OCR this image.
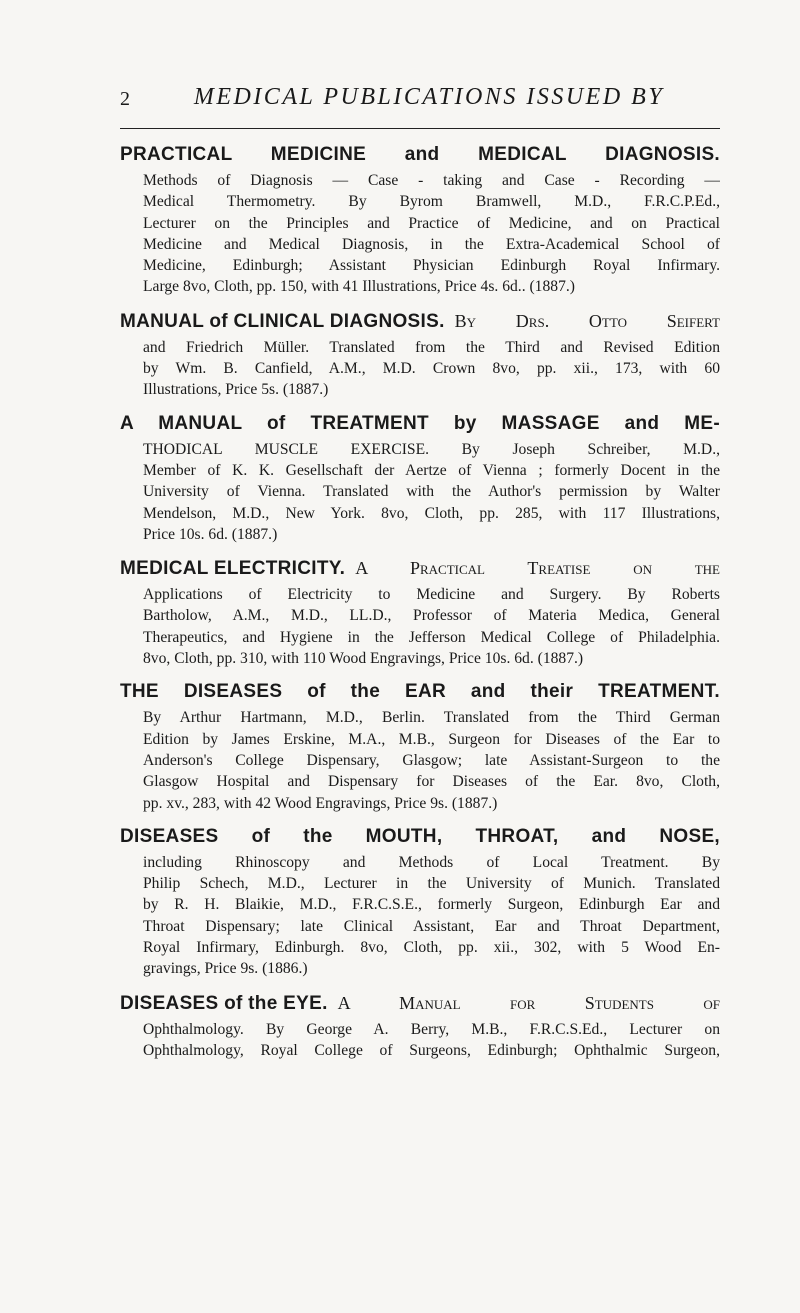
2	MEDICAL PUBLICATIONS ISSUED BY
PRACTICAL MEDICINE and MEDICAL DIAGNOSIS.
Methods of Diagnosis — Case - taking and Case - Recording —
Medical Thermometry. By Byrom Bramwell, M.D., F.R.C.P.Ed.,
Lecturer on the Principles and Practice of Medicine, and on Practical
Medicine and Medical Diagnosis, in the Extra-Academical School of
Medicine, Edinburgh; Assistant Physician Edinburgh Royal Infirmary.
Large 8vo, Cloth, pp. 150, with 41 Illustrations, Price 4s. 6d.. (1887.)
MANUAL of CLINICAL DIAGNOSIS. By Drs. Otto Seifert
and Friedrich Müller. Translated from the Third and Revised Edition
by Wm. B. Canfield, A.M., M.D. Crown 8vo, pp. xii., 173, with 60
Illustrations, Price 5s. (1887.)
A MANUAL of TREATMENT by MASSAGE and ME-
THODICAL MUSCLE EXERCISE. By Joseph Schreiber, M.D.,
Member of K. K. Gesellschaft der Aertze of Vienna ; formerly Docent in the
University of Vienna. Translated with the Author's permission by Walter
Mendelson, M.D., New York. 8vo, Cloth, pp. 285, with 117 Illustrations,
Price 10s. 6d. (1887.)
MEDICAL ELECTRICITY. A Practical Treatise on the
Applications of Electricity to Medicine and Surgery. By Roberts
Bartholow, A.M., M.D., LL.D., Professor of Materia Medica, General
Therapeutics, and Hygiene in the Jefferson Medical College of Philadelphia.
8vo, Cloth, pp. 310, with 110 Wood Engravings, Price 10s. 6d. (1887.)
THE DISEASES of the EAR and their TREATMENT.
By Arthur Hartmann, M.D., Berlin. Translated from the Third German
Edition by James Erskine, M.A., M.B., Surgeon for Diseases of the Ear to
Anderson's College Dispensary, Glasgow; late Assistant-Surgeon to the
Glasgow Hospital and Dispensary for Diseases of the Ear. 8vo, Cloth,
pp. xv., 283, with 42 Wood Engravings, Price 9s. (1887.)
DISEASES of the MOUTH, THROAT, and NOSE,
including Rhinoscopy and Methods of Local Treatment. By
Philip Schech, M.D., Lecturer in the University of Munich. Translated
by R. H. Blaikie, M.D., F.R.C.S.E., formerly Surgeon, Edinburgh Ear and
Throat Dispensary; late Clinical Assistant, Ear and Throat Department,
Royal Infirmary, Edinburgh. 8vo, Cloth, pp. xii., 302, with 5 Wood En-
gravings, Price 9s. (1886.)
DISEASES of the EYE. A Manual for Students of
Ophthalmology. By George A. Berry, M.B., F.R.C.S.Ed., Lecturer on
Ophthalmology, Royal College of Surgeons, Edinburgh; Ophthalmic Surgeon,
